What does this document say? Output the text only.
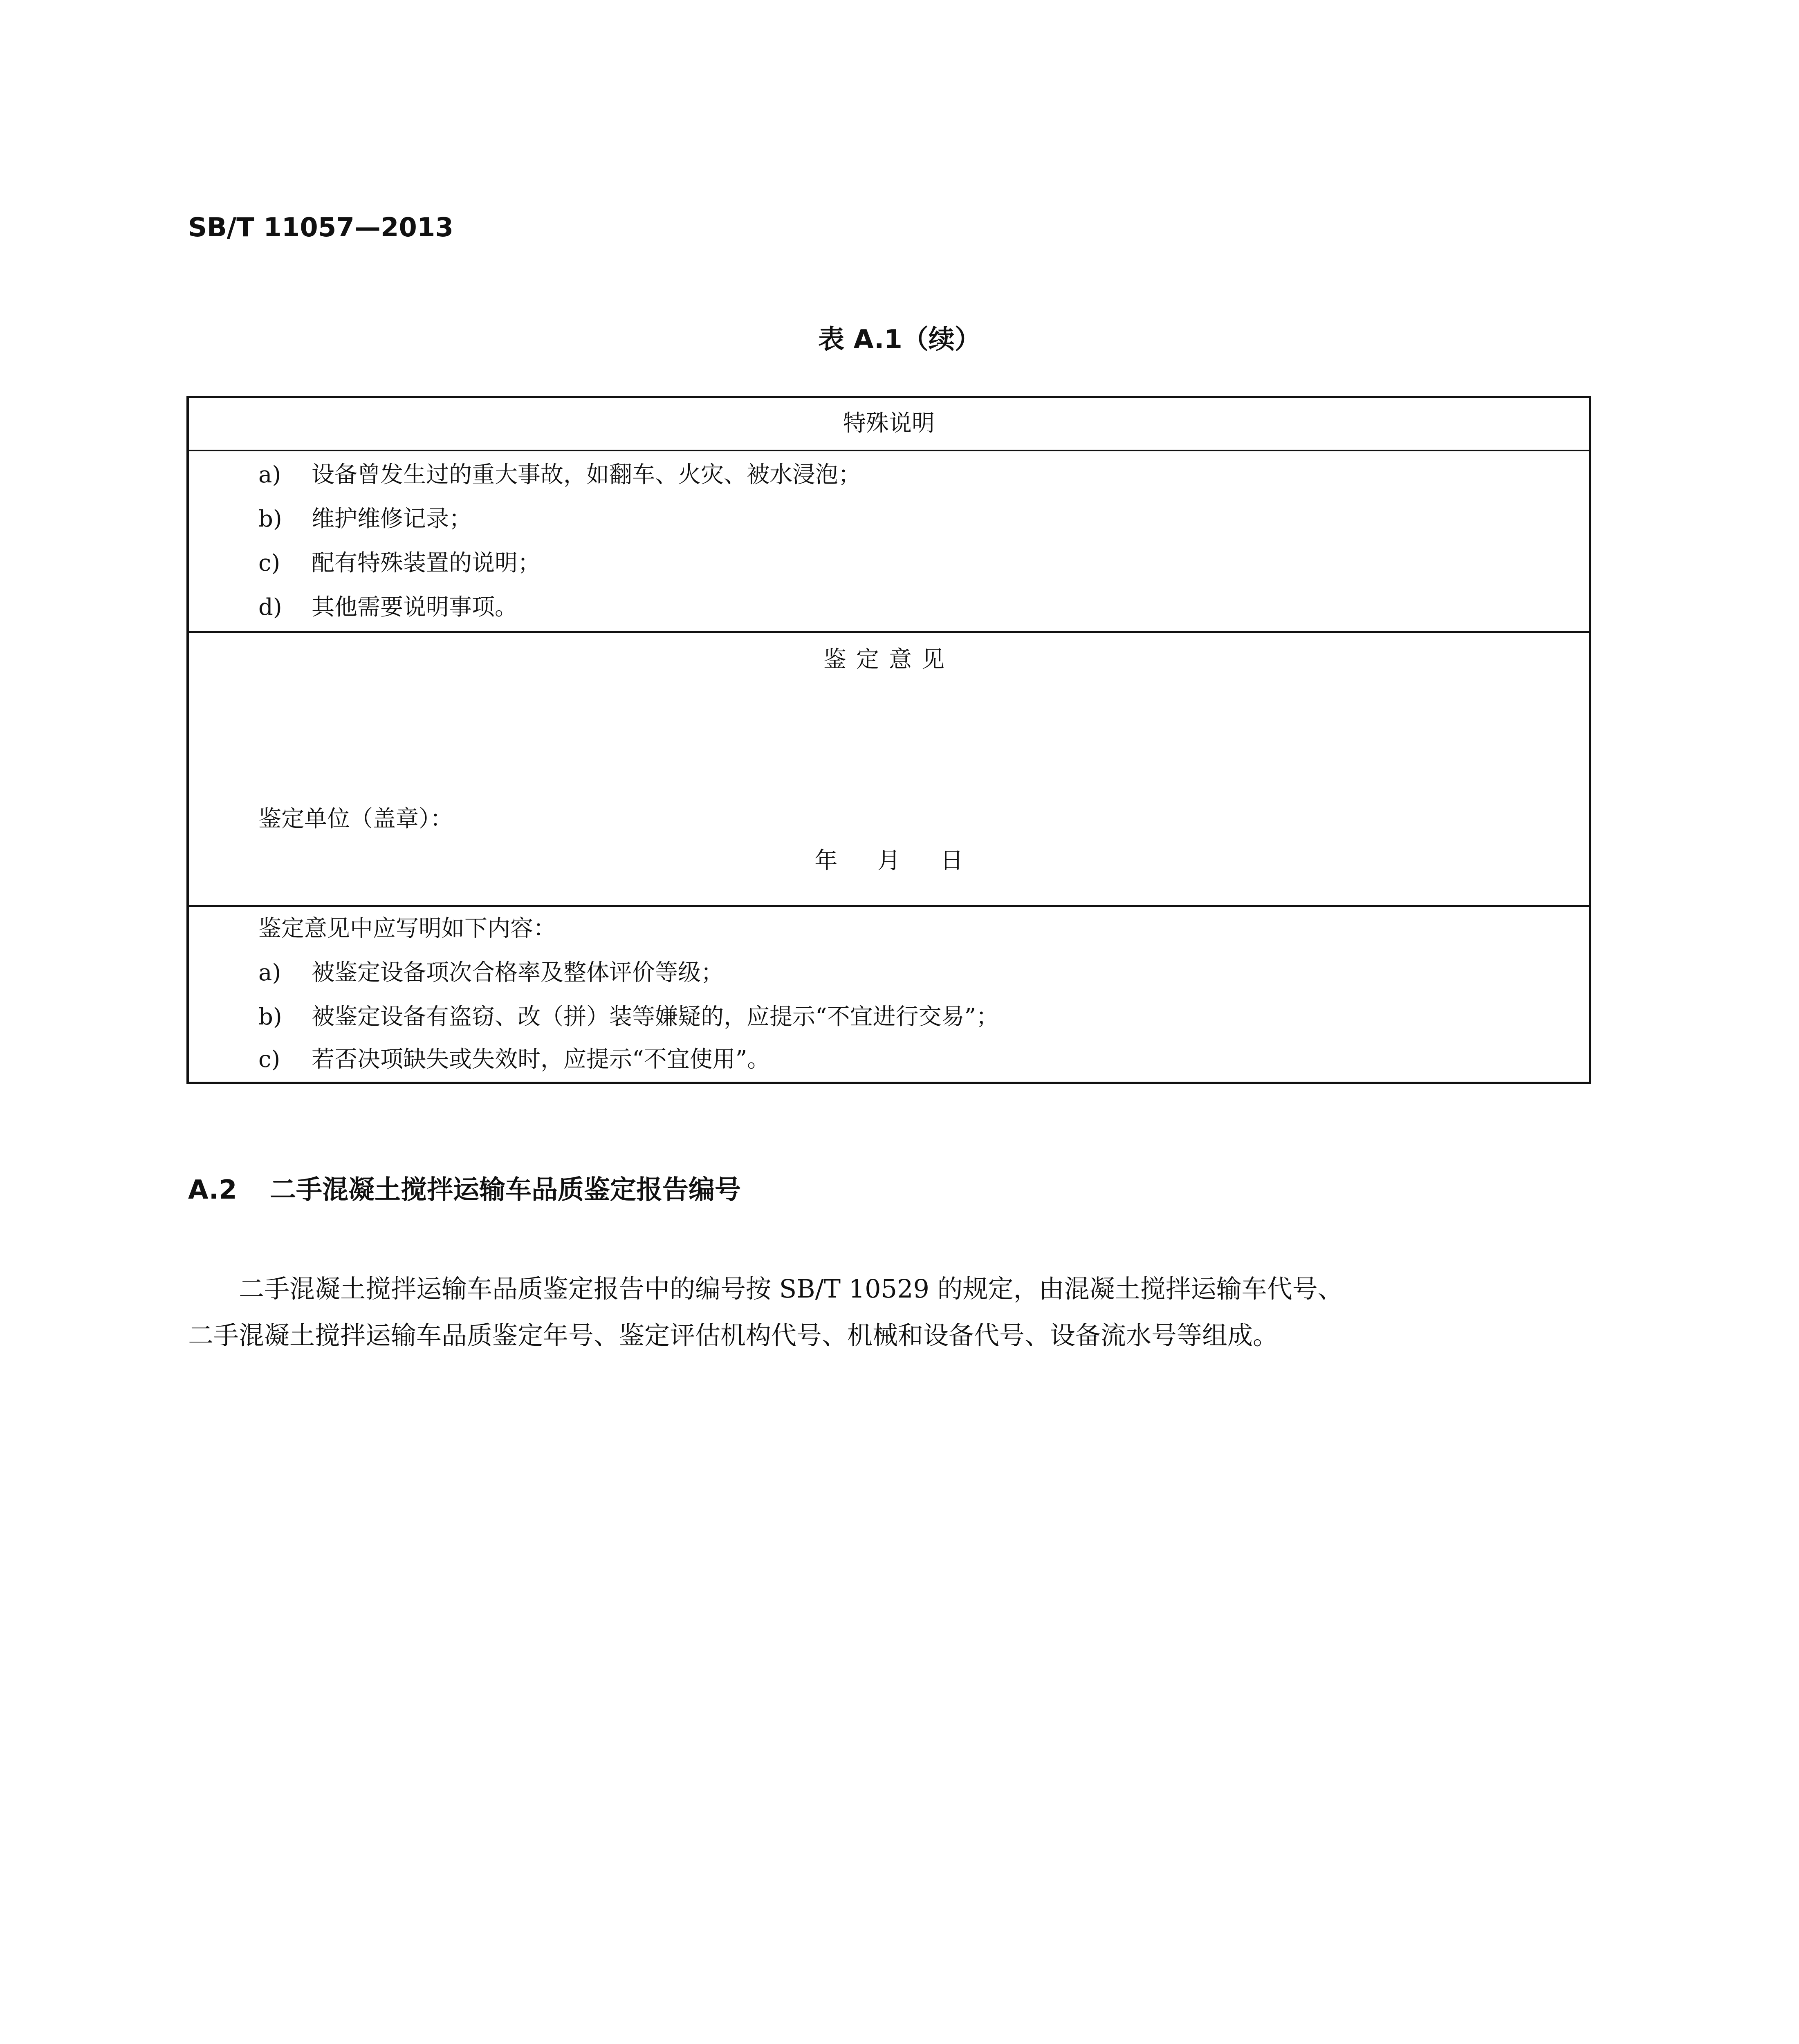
SB/T 11057—2013
表 A.1（续）
特殊说明
a) 设备曾发生过的重大事故，如翻车、火灾、被水浸泡；
b) 维护维修记录；
c) 配有特殊装置的说明；
d) 其他需要说明事项。
鉴定意见
鉴定单位（盖章）：
年 月 日
鉴定意见中应写明如下内容：
a) 被鉴定设备项次合格率及整体评价等级；
b) 被鉴定设备有盗窃、改（拼）装等嫌疑的，应提示“不宜进行交易”；
c) 若否决项缺失或失效时，应提示“不宜使用”。
A.2 二手混凝土搅拌运输车品质鉴定报告编号
二手混凝土搅拌运输车品质鉴定报告中的编号按 SB/T 10529 的规定，由混凝土搅拌运输车代号、
二手混凝土搅拌运输车品质鉴定年号、鉴定评估机构代号、机械和设备代号、设备流水号等组成。
